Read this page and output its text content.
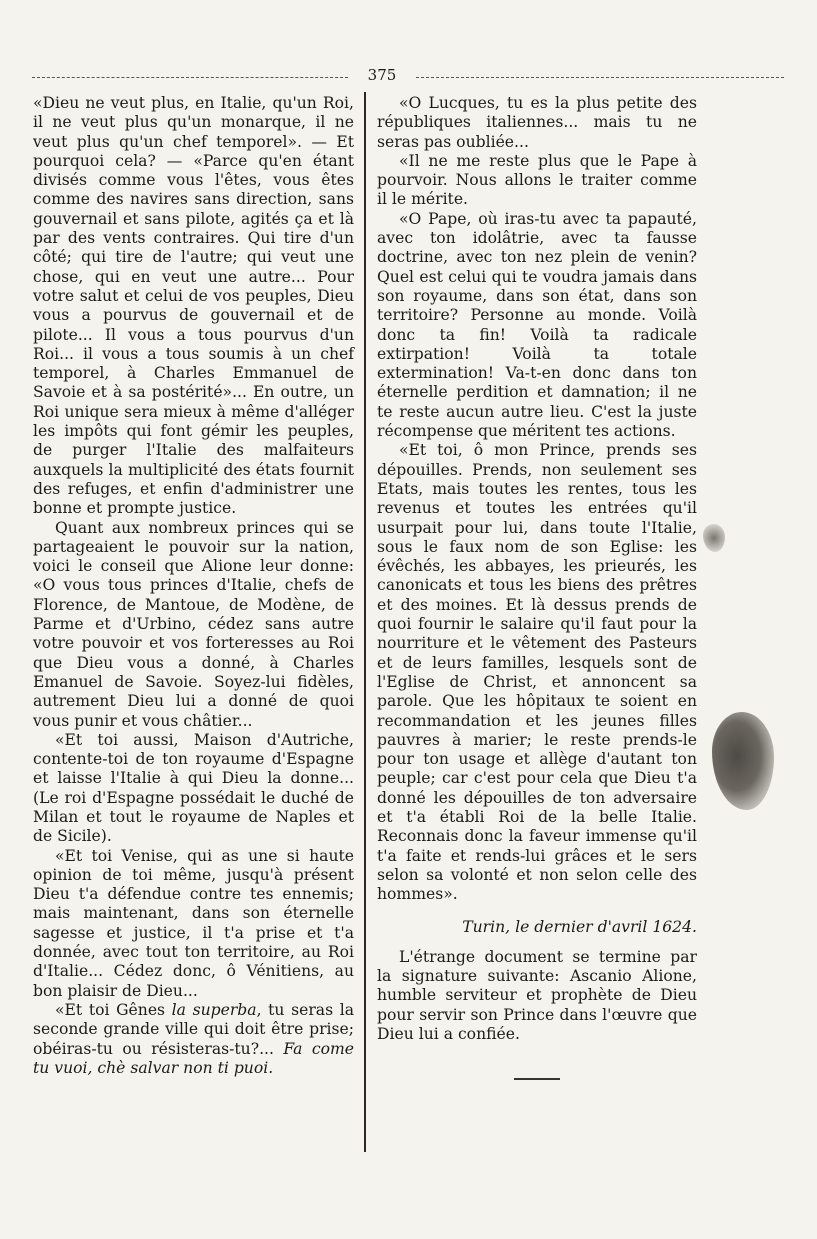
375

«Dieu ne veut plus, en Italie, qu'un Roi, il ne veut plus qu'un monarque, il ne veut plus qu'un chef temporel». — Et pourquoi cela? — «Parce qu'en étant divisés comme vous l'êtes, vous êtes comme des navires sans direction, sans gouvernail et sans pilote, agités ça et là par des vents contraires. Qui tire d'un côté; qui tire de l'autre; qui veut une chose, qui en veut une autre... Pour votre salut et celui de vos peuples, Dieu vous a pourvus de gouvernail et de pilote... Il vous a tous pourvus d'un Roi... il vous a tous soumis à un chef temporel, à Charles Emmanuel de Savoie et à sa postérité»... En outre, un Roi unique sera mieux à même d'alléger les impôts qui font gémir les peuples, de purger l'Italie des malfaiteurs auxquels la multiplicité des états fournit des refuges, et enfin d'administrer une bonne et prompte justice.

Quant aux nombreux princes qui se partageaient le pouvoir sur la nation, voici le conseil que Alione leur donne: «O vous tous princes d'Italie, chefs de Florence, de Mantoue, de Modène, de Parme et d'Urbino, cédez sans autre votre pouvoir et vos forteresses au Roi que Dieu vous a donné, à Charles Emanuel de Savoie. Soyez-lui fidèles, autrement Dieu lui a donné de quoi vous punir et vous châtier...

«Et toi aussi, Maison d'Autriche, contente-toi de ton royaume d'Espagne et laisse l'Italie à qui Dieu la donne... (Le roi d'Espagne possédait le duché de Milan et tout le royaume de Naples et de Sicile).

«Et toi Venise, qui as une si haute opinion de toi même, jusqu'à présent Dieu t'a défendue contre tes ennemis; mais maintenant, dans son éternelle sagesse et justice, il t'a prise et t'a donnée, avec tout ton territoire, au Roi d'Italie... Cédez donc, ô Vénitiens, au bon plaisir de Dieu...

«Et toi Gênes la superba, tu seras la seconde grande ville qui doit être prise; obéiras-tu ou résisteras-tu?... Fa come tu vuoi, chè salvar non ti puoi.

«O Lucques, tu es la plus petite des républiques italiennes... mais tu ne seras pas oubliée...

«Il ne me reste plus que le Pape à pourvoir. Nous allons le traiter comme il le mérite.

«O Pape, où iras-tu avec ta papauté, avec ton idolâtrie, avec ta fausse doctrine, avec ton nez plein de venin? Quel est celui qui te voudra jamais dans son royaume, dans son état, dans son territoire? Personne au monde. Voilà donc ta fin! Voilà ta radicale extirpation! Voilà ta totale extermination! Va-t-en donc dans ton éternelle perdition et damnation; il ne te reste aucun autre lieu. C'est la juste récompense que méritent tes actions.

«Et toi, ô mon Prince, prends ses dépouilles. Prends, non seulement ses Etats, mais toutes les rentes, tous les revenus et toutes les entrées qu'il usurpait pour lui, dans toute l'Italie, sous le faux nom de son Eglise: les évêchés, les abbayes, les prieurés, les canonicats et tous les biens des prêtres et des moines. Et là dessus prends de quoi fournir le salaire qu'il faut pour la nourriture et le vêtement des Pasteurs et de leurs familles, lesquels sont de l'Eglise de Christ, et annoncent sa parole. Que les hôpitaux te soient en recommandation et les jeunes filles pauvres à marier; le reste prends-le pour ton usage et allège d'autant ton peuple; car c'est pour cela que Dieu t'a donné les dépouilles de ton adversaire et t'a établi Roi de la belle Italie. Reconnais donc la faveur immense qu'il t'a faite et rends-lui grâces et le sers selon sa volonté et non selon celle des hommes».

Turin, le dernier d'avril 1624.

L'étrange document se termine par la signature suivante: Ascanio Alione, humble serviteur et prophète de Dieu pour servir son Prince dans l'œuvre que Dieu lui a confiée.
